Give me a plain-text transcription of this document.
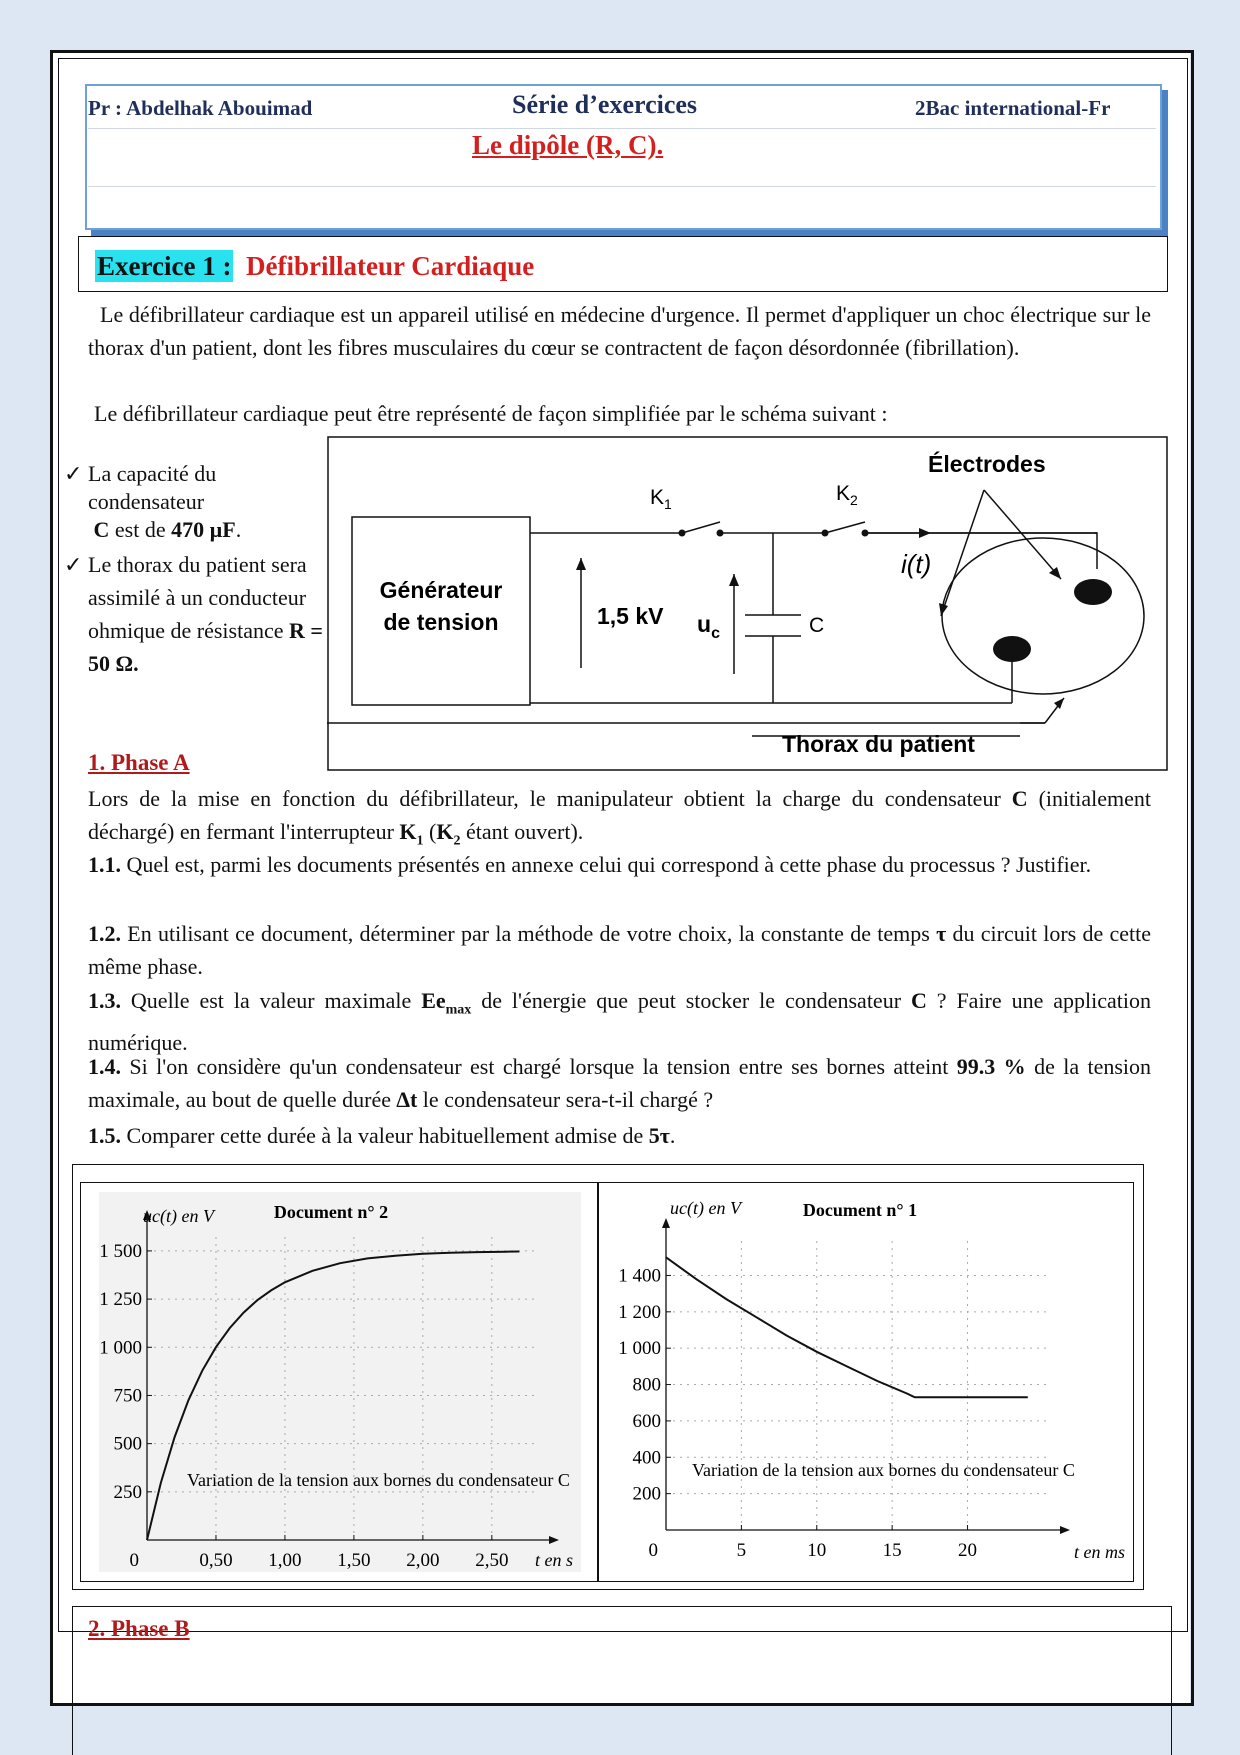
Pr : Abdelhak Abouimad	Série d’exercices	2Bac international-Fr
Le dipôle (R, C).
Exercice 1 : Défibrillateur Cardiaque
Le défibrillateur cardiaque est un appareil utilisé en médecine d'urgence. Il permet d'appliquer un choc électrique sur le thorax d'un patient, dont les fibres musculaires du cœur se contractent de façon désordonnée (fibrillation).
Le défibrillateur cardiaque peut être représenté de façon simplifiée par le schéma suivant :
✓ La capacité du condensateur
C est de 470 µF.
✓ Le thorax du patient sera assimilé à un conducteur ohmique de résistance R = 50 Ω.
Générateur
de tension
$K_1$	$K_2$
1,5 kV $u_c$	C
i(t)
Électrodes
Thorax du patient
1. Phase A
Lors de la mise en fonction du défibrillateur, le manipulateur obtient la charge du condensateur C (initialement déchargé) en fermant l'interrupteur $K_1$ ($K_2$ étant ouvert).
1.1. Quel est, parmi les documents présentés en annexe celui qui correspond à cette phase du processus ? Justifier.
1.2. En utilisant ce document, déterminer par la méthode de votre choix, la constante de temps τ du circuit lors de cette même phase.
1.3. Quelle est la valeur maximale $Ee_{max}$ de l'énergie que peut stocker le condensateur C ? Faire une application numérique.
1.4. Si l'on considère qu'un condensateur est chargé lorsque la tension entre ses bornes atteint 99.3 % de la tension maximale, au bout de quelle durée ∆t le condensateur sera-t-il chargé ?
1.5. Comparer cette durée à la valeur habituellement admise de 5τ.
0,50 1,00 1,50 2,00 2,50
250
500
750
1 000
1 250
1 500
0
uc(t) en V	Document n° 2
t en s
Variation de la tension aux bornes du condensateur C
5	10	15	20
200
400
600
800
1 000
1 200
1 400
0
uc(t) en V	Document n° 1
t en ms
Variation de la tension aux bornes du condensateur C
2. Phase B
